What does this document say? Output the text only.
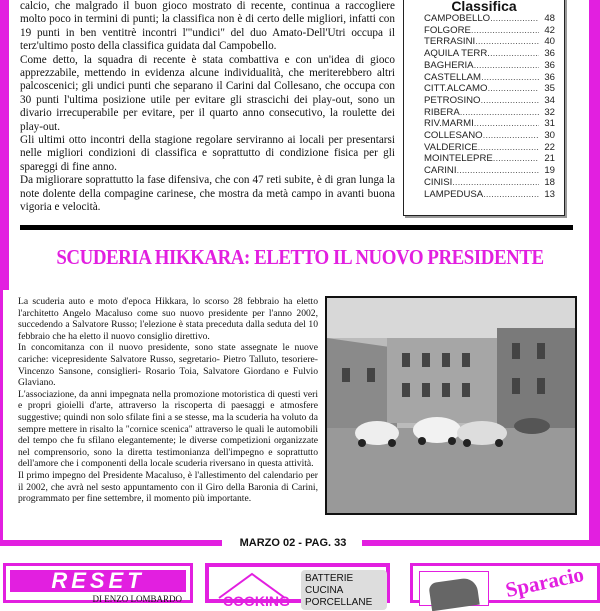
calcio, che malgrado il buon gioco mostrato di recente, continua a raccogliere molto poco in termini di punti; la classifica non è di certo delle migliori, infatti con 19 punti in ben ventitrè incontri l'"undici" del duo Amato-Dell'Utri occupa il terz'ultimo posto della classifica guidata dal Campobello.

Come detto, la squadra di recente è stata combattiva e con un'idea di gioco apprezzabile, mettendo in evidenza alcune individualità, che meriterebbero altri palcoscenici; gli undici punti che separano il Carini dal Collesano, che occupa con 30 punti l'ultima posizione utile per evitare gli strascichi dei play-out, sono un divario irrecuperabile per evitare, per il quarto anno consecutivo, la roulette dei play-out.

Gli ultimi otto incontri della stagione regolare serviranno ai locali per presentarsi nelle migliori condizioni di classifica e soprattutto di condizione fisica per gli spareggi di fine anno.

Da migliorare soprattutto la fase difensiva, che con 47 reti subite, è di gran lunga la note dolente della compagine carinese, che mostra da metà campo in avanti buona vigoria e velocità.

Classifica
CAMPOBELLO .....	48
FOLGORE .....	42
TERRASINI .....	40
AQUILA TERR. .....	36
BAGHERIA .....	36
CASTELLAM .....	36
CITT.ALCAMO .....	35
PETROSINO .....	34
RIBERA .....	32
RIV.MARMI .....	31
COLLESANO .....	30
VALDERICE .....	22
MOINTELEPRE .....	21
CARINI .....	19
CINISI .....	18
LAMPEDUSA .....	13
SCUDERIA HIKKARA: ELETTO IL NUOVO PRESIDENTE

La scuderia auto e moto d'epoca Hikkara, lo scorso 28 febbraio ha eletto l'architetto Angelo Macaluso come suo nuovo presidente per l'anno 2002, succedendo a Salvatore Russo; l'elezione è stata preceduta dalla seduta del 10 febbraio che ha eletto il nuovo consiglio direttivo.

In concomitanza con il nuovo presidente, sono state assegnate le nuove cariche: vicepresidente Salvatore Russo, segretario- Pietro Talluto, tesoriere- Vincenzo Sansone, consiglieri- Rosario Toia, Salvatore Giordano e Fulvio Glaviano.

L'associazione, da anni impegnata nella promozione motoristica di questi veri e propri gioielli d'arte, attraverso la riscoperta di paesaggi e atmosfere suggestive; quindi non solo sfilate fini a se stesse, ma la scuderia ha voluto da sempre mettere in risalto la "cornice scenica" attraverso le quali le automobili del tempo che fu sfilano elegantemente; le diverse competizioni organizzate nel comprensorio, sono la diretta testimonianza dell'impegno e soprattutto dell'amore che i componenti della locale scuderia riversano in questa attività.

Il primo impegno del Presidente Macaluso, è l'allestimento del calendario per il 2002, che avrà nel sesto appuntamento con il Giro della Baronia di Carini, programmato per fine settembre, il momento più importante.

MARZO 02 - PAG. 33
RESET
DI ENZO LOMBARDO	COOKING
BATTERIE CUCINA
PORCELLANE
Sparacio
